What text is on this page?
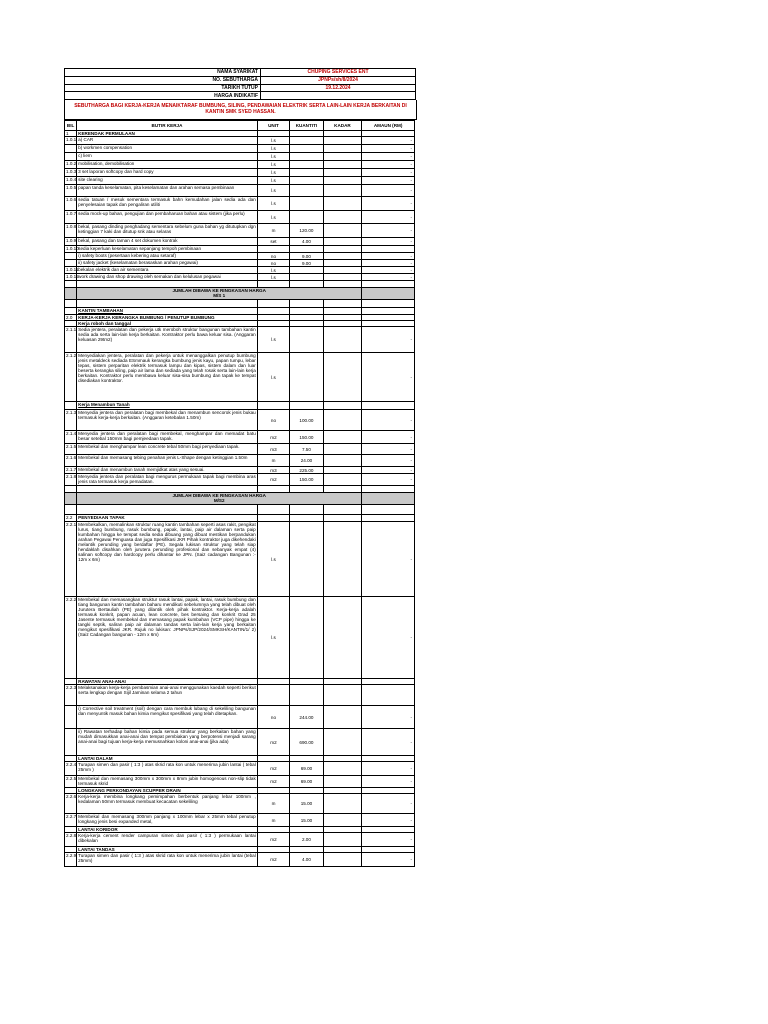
NAMA SYARIKAT	CHUPING SERVICES ENT
NO. SEBUTHARGA	JPNPs/sh/8/2024
TARIKH TUTUP	19.12.2024
HARGA INDIKATIF	
SEBUTHARGA BAGI KERJA-KERJA MENAIKTARAF BUMBUNG, SILING, PENDAWAIAN ELEKTRIK SERTA LAIN-LAIN KERJA BERKAITAN DI KANTIN SMK SYED HASSAN.
BIL	BUTIR KERJA	UNIT	KUANTITI	KADAR	AMAUN (RM)
1	KERENDAK PERMULAAN				
1.0.1	a) CAR	l.s			-
	b) workmen compensation	l.s			-
	c) liem	l.s			-
1.0.2	mobilisation, demobilisation	l.s			-
1.0.3	3 set laporan softcopy dan hard copy	l.s			-
1.0.4	site clearing	l.s			-
1.0.5	papan tanda keselamatan, pita keselamatan dan arahan semasa pembinaan	l.s			-
1.0.6	sedia tatuan / mesuk sementara termasuk bahn kemudahan jalan sedia ada dan penyelesaian tapak dan pengaliran utiliti	l.s			-
1.0.7	sedia mock-up bahan, pengujian dan pembaharuan bahan atau sistem (jika perlu)	l.s			-
1.0.8	bekal, pasang dinding penghadang sementara sebelum guna bahan yg ditutupkan dgn ketinggian 7 kaki dan ditutup snk atau selaras	m	120.00		-
1.0.9	bekal, pasang dan taman 4 set dokumen kontrak	set	4.00		-
1.0.10	sedia keperluan keselamatan sepanjang tempoh pembinaan				
	i) safety boots (pesertaan kebering atau setaraf)	no	9.00		-
	ii) safety jacket (keselamatan berasaskan arahan pegawai)	no	9.00		-
1.0.11	bekalan elektrik dan air sementara	l.s			-
1.0.12	work drawing dan shop drawing oleh semakan dan kelulusan pegawai	l.s			-

	JUMLAH DIBAWA KE RINGKASAN HARGA
M/S 1				

	KANTIN TAMBAHAN				
2.0	KERJA-KERJA KERANGKA BUMBUNG / PENUTUP BUMBUNG				
	Kerja roboh dan tanggal				
2.1.1	Sedia jentera, peralatan dan pekerja utk meroboh struktur bangunan tambahan kantin sedia ada serta lain-lain kerja berkaitan. Kontraktor perlu bawa keluar sisa. (Anggaran keluasan 29tm2)	l.s			-
2.1.2	Menyediakan jentera, peralatan dan pekerja untuk menanggalkan penutup bumbung jenis metaldeck sediada ESmmauk kerangka bumbung jenis kayu, papan tumpu, lebar tepas, sistem perparitan elektrik termasuk lampu dan kipas, sistem dalam dan luar beserta kerangka siling, paip air lama dan sediada yang telah rosak serta lain-lain kerja berkaitan. Kontraktor perlu membawa keluar sisa-sisa bumbung dan tapak ke tempat disediakan kontraktor.	l.s			-
	Kerja Menambun Tanah				
2.1.3	Menyedia jentera dan peralatan bagi membekal dan menambun sencorok jenis bukau termasuk kerja-kerja berkaitan. (Anggaran ketebalan 1.50m)	no	100.00		-
2.1.4	Menyedia jentera dan peralatan bagi membekal, menghampar dan memadat batu besar setebal 150mm bagi pemjeedaan tapak.	m2	150.00		-
2.1.5	Membekal dan menghampar lean concrete tebal 50mm bagi penyediaan tapak.	m3	7.50		-
2.1.6	Membekal dan memasang tebing penahan jenis L-Shape dengan ketinggian 1.50m	m	24.00		-
2.1.7	Membekal dan menambun tanah memjidkat atas yang sesuai.	m3	225.00		-
2.1.8	Menyedia jentera dan peralatan bagi mengurus permukaan tapak bagi membina aras jenis rata termasuk kerja pemadatan.	m2	150.00		-

	JUMLAH DIBAWA KE RINGKASAN HARGA
M/S2				

2.2	PENYEDIAAN TAPAK				
2.2.1	Membekalkan, memalinkan struktur ruang kantin tambahan seperti asas rakit, pengikat lurus, tiang bumbung, rasuk bumbung, papak, lantai, paip air dalaman serta paip kumbahan hingga ke tempat sedia sedia dibuang yang dibuat mestikan berpandukan arahan Pegawai Penguasa dan juga Spesifikasi JKR Pihak kontraktor juga dikehendaki melantik perunding yang berdaftar (PE). Segala lukisan struktur yang telah siap hendaklah disahkan oleh jurutera perunding profesional dan sebanyak empat (4) salinan softcopy dan hardcopy perlu dihantar ke JPN. (Saiz cadangan Bangunan :- 12m x 6m)	l.s			-
2.2.2	Membekal dan memasangkan struktur rasuk lantai, papak, lantai, rasuk bumbung dan tiang bangunan kantin tambahan baharu mendikuti sebelumnya yang telah dibuat oleh Jurutera Bertauliah (PE) yang dilantik oleh pihak kontraktor. Kerja-kerja adalah termasuk konkrit, papan acuan, lean concrete, bes bersaing dan konkrit Grad 25 Jasente termasuk membekal dan memasang papak kumbahan (VCP pipe) hingga ke tangki septik, saliran paip air dalaman tandas serta lain-lain kerja yang berkaitan mengikut spesifikasi JKR. Rujuk no lukisan: JPNPs/SJP/2024/SMKSH/KANTIN/1/ 2) (Saiz Cadangan bangunan - 12m x 6m)	l.s			-
	RAWATAN ANAI-ANAI				
2.2.3	Melaksanakan kerja-kerja pembasmian anai-anai menggunakan kaedah seperti berikut serta lengkap dengan Sijil Jaminan selama 2 tahun				
	i) Corrective soil treatment (soil) dengan cara membuk lubang di sekeliling bangunan dan menyuntik masuk bahan kimia mengikut spesifikasi yang telah ditetapkan.	no	244.00		-
	ii) Rawatan terhadap bahan kimia pada semua struktur yang berkaitan bahan yang mudah dimasukkan anai-anai dan tempat pembiakan yang berpotensi menjadi sarang anai-anai bagi tujuan kerja-kerja memusnahkan koloni anai-anai (jika ada)	m2	690.00		-
	LANTAI DALAM				
2.2.4	Turapan simen dan pasir ( 1:3 ) atas skrid rata kon untuk menerima jubin lantai ( tebal 25mm )	m2	69.00		-
2.2.5	Membekal dan memasang 300mm x 300mm x 8mm jubin homogenous non-slip tidak termasuk skrid	m2	69.00		-
	LONGKANG PERKONDAYAN SCUPPER DRAIN				
2.2.6	Kerja-kerja membina longkang pemimpahan berbentuk panjang lebar 100mm , kedalaman 50mm termasuk membuat kecacatan sekeliling	m	15.00		-
2.2.7	Membekal dan memasang 300mm panjang x 100mm lebar x 25mm tebal penutup longkang jenis besi expanded metal,	m	15.00		-
	LANTAI KORIDOR				
2.2.8	Kerja-kerja cement render campuran simen dan pasir ( 1:3 ) permukaan lantai dibekalan	m2	2.00		-
	LANTAI TANDAS				
2.2.9	Turapan simen dan pasir ( 1:3 ) atas skrid rata kon untuk menerima jubin lantai (tebal 25mm)	m2	4.00		-
